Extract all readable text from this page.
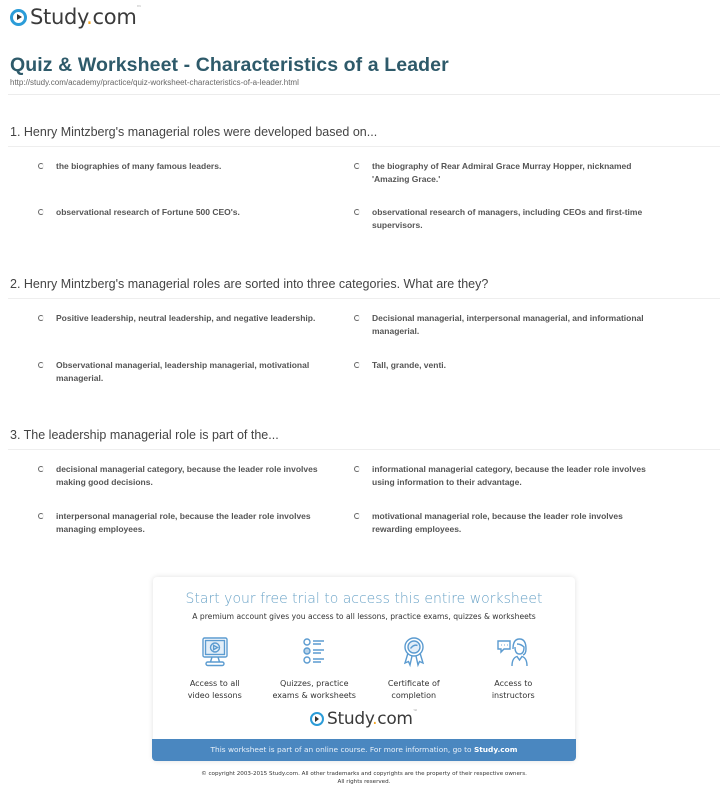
Study.com™
Quiz & Worksheet - Characteristics of a Leader
http://study.com/academy/practice/quiz-worksheet-characteristics-of-a-leader.html
1. Henry Mintzberg's managerial roles were developed based on...
the biographies of many famous leaders.	the biography of Rear Admiral Grace Murray Hopper, nicknamed 'Amazing Grace.'
observational research of Fortune 500 CEO's.	observational research of managers, including CEOs and first-time supervisors.
2. Henry Mintzberg's managerial roles are sorted into three categories. What are they?
Positive leadership, neutral leadership, and negative leadership.	Decisional managerial, interpersonal managerial, and informational managerial.
Observational managerial, leadership managerial, motivational managerial.
Tall, grande, venti.
3. The leadership managerial role is part of the...
decisional managerial category, because the leader role involves making good decisions.
informational managerial category, because the leader role involves using information to their advantage.
interpersonal managerial role, because the leader role involves managing employees.
motivational managerial role, because the leader role involves rewarding employees.
Start your free trial to access this entire worksheet
A premium account gives you access to all lessons, practice exams, quizzes & worksheets
Access to all
video lessons
Quizzes, practice
exams & worksheets
Certificate of
completion
Access to
instructors
Study.com™
This worksheet is part of an online course. For more information, go to Study.com
© copyright 2003-2015 Study.com. All other trademarks and copyrights are the property of their respective owners.
All rights reserved.
